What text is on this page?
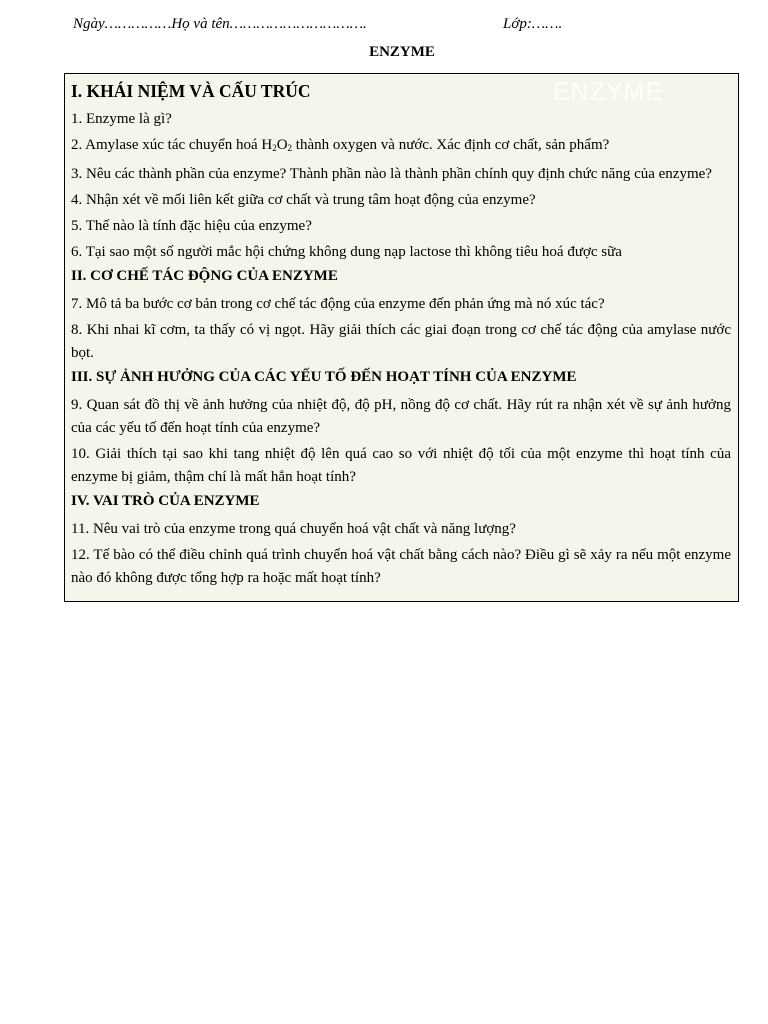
Ngày……………Họ và tên………………………….	Lớp:…….
ENZYME
ENZYME
I. KHÁI NIỆM VÀ CẤU TRÚC
1. Enzyme là gì?
2. Amylase xúc tác chuyển hoá $H_2O_2$ thành oxygen và nước. Xác định cơ chất, sản phẩm?
3. Nêu các thành phần của enzyme? Thành phần nào là thành phần chính quy định chức năng của enzyme?
4. Nhận xét về mối liên kết giữa cơ chất và trung tâm hoạt động của enzyme?
5. Thế nào là tính đặc hiệu của enzyme?
6. Tại sao một số người mắc hội chứng không dung nạp lactose thì không tiêu hoá được sữa
II. CƠ CHẾ TÁC ĐỘNG CỦA ENZYME
7. Mô tả ba bước cơ bản trong cơ chế tác động của enzyme đến phản ứng mà nó xúc tác?
8. Khi nhai kĩ cơm, ta thấy có vị ngọt. Hãy giải thích các giai đoạn trong cơ chế tác động của amylase nước bọt.
III. SỰ ẢNH HƯỞNG CỦA CÁC YẾU TỐ ĐẾN HOẠT TÍNH CỦA ENZYME
9. Quan sát đồ thị về ảnh hưởng của nhiệt độ, độ pH, nồng độ cơ chất. Hãy rút ra nhận xét về sự ảnh hưởng của các yếu tố đến hoạt tính của enzyme?
10. Giải thích tại sao khi tang nhiệt độ lên quá cao so với nhiệt độ tối của một enzyme thì hoạt tính của enzyme bị giảm, thậm chí là mất hẳn hoạt tính?
IV. VAI TRÒ CỦA ENZYME
11. Nêu vai trò của enzyme trong quá chuyển hoá vật chất và năng lượng?
12. Tế bào có thể điều chỉnh quá trình chuyển hoá vật chất bằng cách nào? Điều gì sẽ xảy ra nếu một enzyme nào đó không được tổng hợp ra hoặc mất hoạt tính?
